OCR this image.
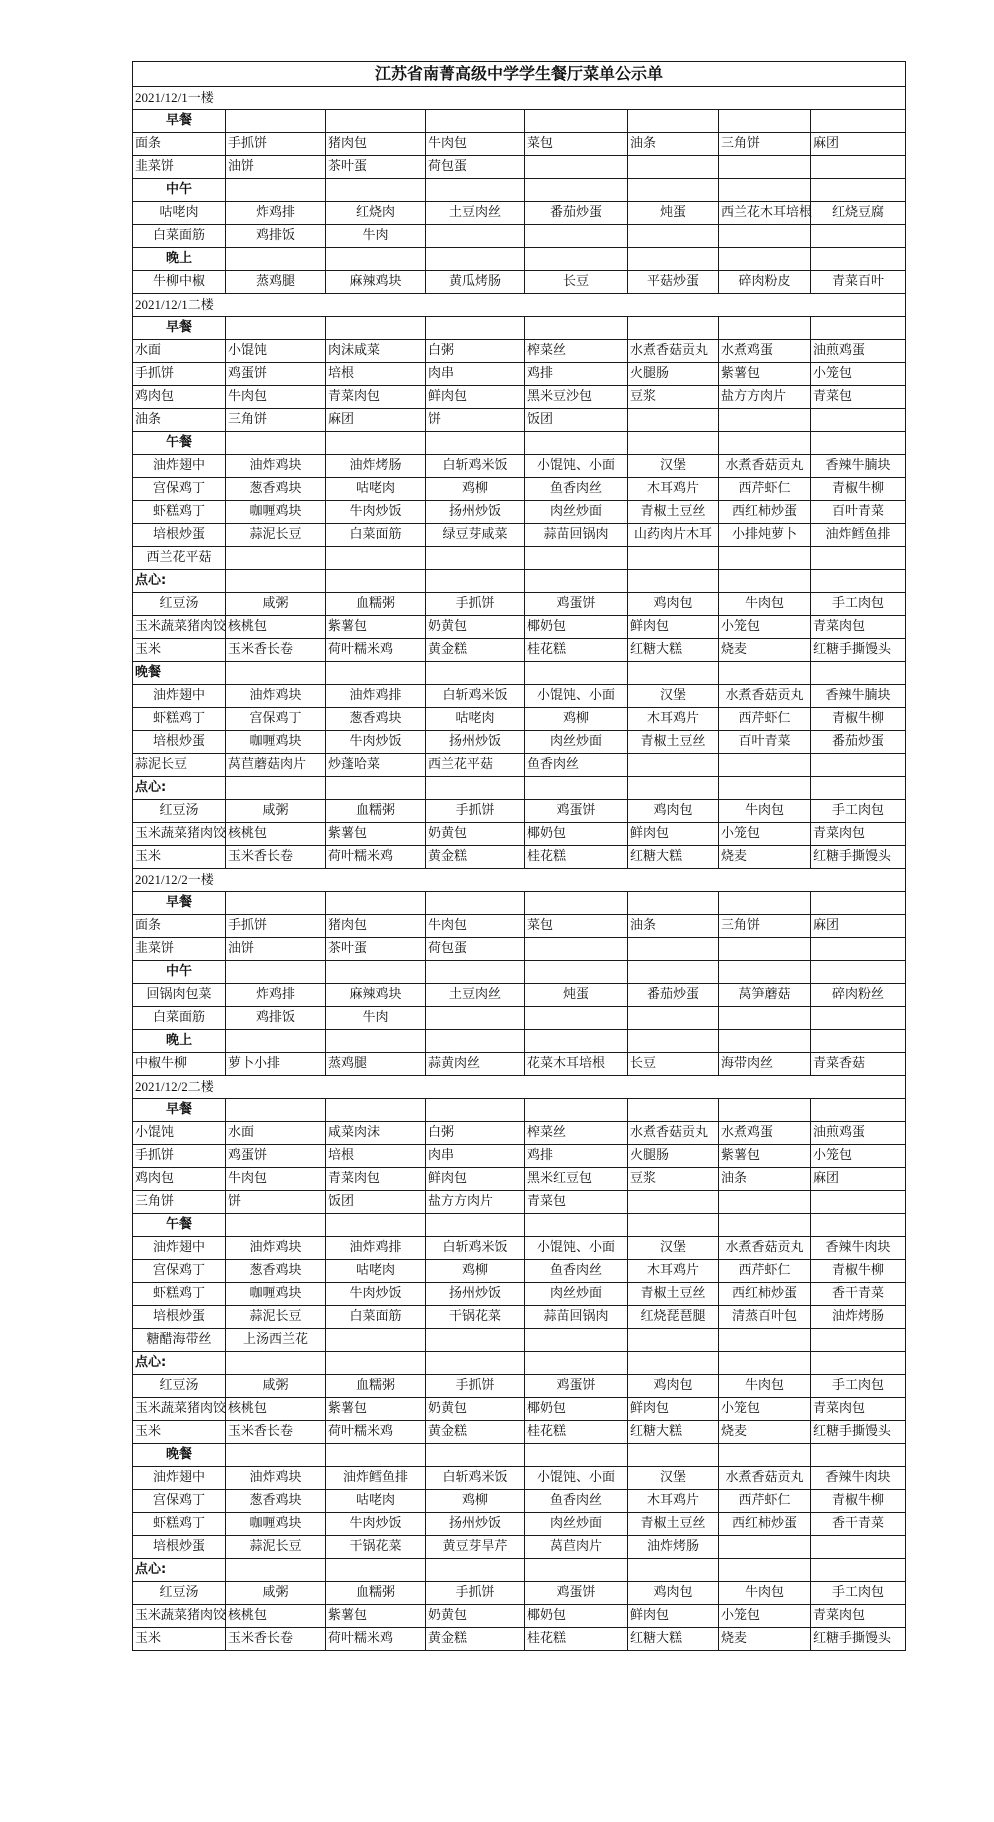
江苏省南菁高级中学学生餐厅菜单公示单							
2021/12/1一楼							
早餐							
面条	手抓饼	猪肉包	牛肉包	菜包	油条	三角饼	麻团
韭菜饼	油饼	茶叶蛋	荷包蛋				
中午							
咕咾肉	炸鸡排	红烧肉	土豆肉丝	番茄炒蛋	炖蛋	西兰花木耳培根	红烧豆腐
白菜面筋	鸡排饭	牛肉					
晚上							
牛柳中椒	蒸鸡腿	麻辣鸡块	黄瓜烤肠	长豆	平菇炒蛋	碎肉粉皮	青菜百叶
2021/12/1二楼							
早餐							
水面	小馄饨	肉沫咸菜	白粥	榨菜丝	水煮香菇贡丸	水煮鸡蛋	油煎鸡蛋
手抓饼	鸡蛋饼	培根	肉串	鸡排	火腿肠	紫薯包	小笼包
鸡肉包	牛肉包	青菜肉包	鲜肉包	黑米豆沙包	豆浆	盐方方肉片	青菜包
油条	三角饼	麻团	饼	饭团			
午餐							
油炸翅中	油炸鸡块	油炸烤肠	白斩鸡米饭	小馄饨、小面	汉堡	水煮香菇贡丸	香辣牛腩块
宫保鸡丁	葱香鸡块	咕咾肉	鸡柳	鱼香肉丝	木耳鸡片	西芹虾仁	青椒牛柳
虾糕鸡丁	咖喱鸡块	牛肉炒饭	扬州炒饭	肉丝炒面	青椒土豆丝	西红柿炒蛋	百叶青菜
培根炒蛋	蒜泥长豆	白菜面筋	绿豆芽咸菜	蒜苗回锅肉	山药肉片木耳	小排炖萝卜	油炸鳕鱼排
西兰花平菇							
点心:							
红豆汤	咸粥	血糯粥	手抓饼	鸡蛋饼	鸡肉包	牛肉包	手工肉包
玉米蔬菜猪肉饺	核桃包	紫薯包	奶黄包	椰奶包	鲜肉包	小笼包	青菜肉包
玉米	玉米香长卷	荷叶糯米鸡	黄金糕	桂花糕	红糖大糕	烧麦	红糖手撕馒头
晚餐							
油炸翅中	油炸鸡块	油炸鸡排	白斩鸡米饭	小馄饨、小面	汉堡	水煮香菇贡丸	香辣牛腩块
虾糕鸡丁	宫保鸡丁	葱香鸡块	咕咾肉	鸡柳	木耳鸡片	西芹虾仁	青椒牛柳
培根炒蛋	咖喱鸡块	牛肉炒饭	扬州炒饭	肉丝炒面	青椒土豆丝	百叶青菜	番茄炒蛋
蒜泥长豆	莴苣蘑菇肉片	炒蓬哈菜	西兰花平菇	鱼香肉丝			
点心:							
红豆汤	咸粥	血糯粥	手抓饼	鸡蛋饼	鸡肉包	牛肉包	手工肉包
玉米蔬菜猪肉饺	核桃包	紫薯包	奶黄包	椰奶包	鲜肉包	小笼包	青菜肉包
玉米	玉米香长卷	荷叶糯米鸡	黄金糕	桂花糕	红糖大糕	烧麦	红糖手撕馒头
2021/12/2一楼							
早餐							
面条	手抓饼	猪肉包	牛肉包	菜包	油条	三角饼	麻团
韭菜饼	油饼	茶叶蛋	荷包蛋				
中午							
回锅肉包菜	炸鸡排	麻辣鸡块	土豆肉丝	炖蛋	番茄炒蛋	莴笋蘑菇	碎肉粉丝
白菜面筋	鸡排饭	牛肉					
晚上							
中椒牛柳	萝卜小排	蒸鸡腿	蒜黄肉丝	花菜木耳培根	长豆	海带肉丝	青菜香菇
2021/12/2二楼							
早餐							
小馄饨	水面	咸菜肉沫	白粥	榨菜丝	水煮香菇贡丸	水煮鸡蛋	油煎鸡蛋
手抓饼	鸡蛋饼	培根	肉串	鸡排	火腿肠	紫薯包	小笼包
鸡肉包	牛肉包	青菜肉包	鲜肉包	黑米红豆包	豆浆	油条	麻团
三角饼	饼	饭团	盐方方肉片	青菜包			
午餐							
油炸翅中	油炸鸡块	油炸鸡排	白斩鸡米饭	小馄饨、小面	汉堡	水煮香菇贡丸	香辣牛肉块
宫保鸡丁	葱香鸡块	咕咾肉	鸡柳	鱼香肉丝	木耳鸡片	西芹虾仁	青椒牛柳
虾糕鸡丁	咖喱鸡块	牛肉炒饭	扬州炒饭	肉丝炒面	青椒土豆丝	西红柿炒蛋	香干青菜
培根炒蛋	蒜泥长豆	白菜面筋	干锅花菜	蒜苗回锅肉	红烧琵琶腿	清蒸百叶包	油炸烤肠
糖醋海带丝	上汤西兰花						
点心:							
红豆汤	咸粥	血糯粥	手抓饼	鸡蛋饼	鸡肉包	牛肉包	手工肉包
玉米蔬菜猪肉饺	核桃包	紫薯包	奶黄包	椰奶包	鲜肉包	小笼包	青菜肉包
玉米	玉米香长卷	荷叶糯米鸡	黄金糕	桂花糕	红糖大糕	烧麦	红糖手撕馒头
晚餐							
油炸翅中	油炸鸡块	油炸鳕鱼排	白斩鸡米饭	小馄饨、小面	汉堡	水煮香菇贡丸	香辣牛肉块
宫保鸡丁	葱香鸡块	咕咾肉	鸡柳	鱼香肉丝	木耳鸡片	西芹虾仁	青椒牛柳
虾糕鸡丁	咖喱鸡块	牛肉炒饭	扬州炒饭	肉丝炒面	青椒土豆丝	西红柿炒蛋	香干青菜
培根炒蛋	蒜泥长豆	干锅花菜	黄豆芽旱芹	莴苣肉片	油炸烤肠		
点心:							
红豆汤	咸粥	血糯粥	手抓饼	鸡蛋饼	鸡肉包	牛肉包	手工肉包
玉米蔬菜猪肉饺	核桃包	紫薯包	奶黄包	椰奶包	鲜肉包	小笼包	青菜肉包
玉米	玉米香长卷	荷叶糯米鸡	黄金糕	桂花糕	红糖大糕	烧麦	红糖手撕馒头
